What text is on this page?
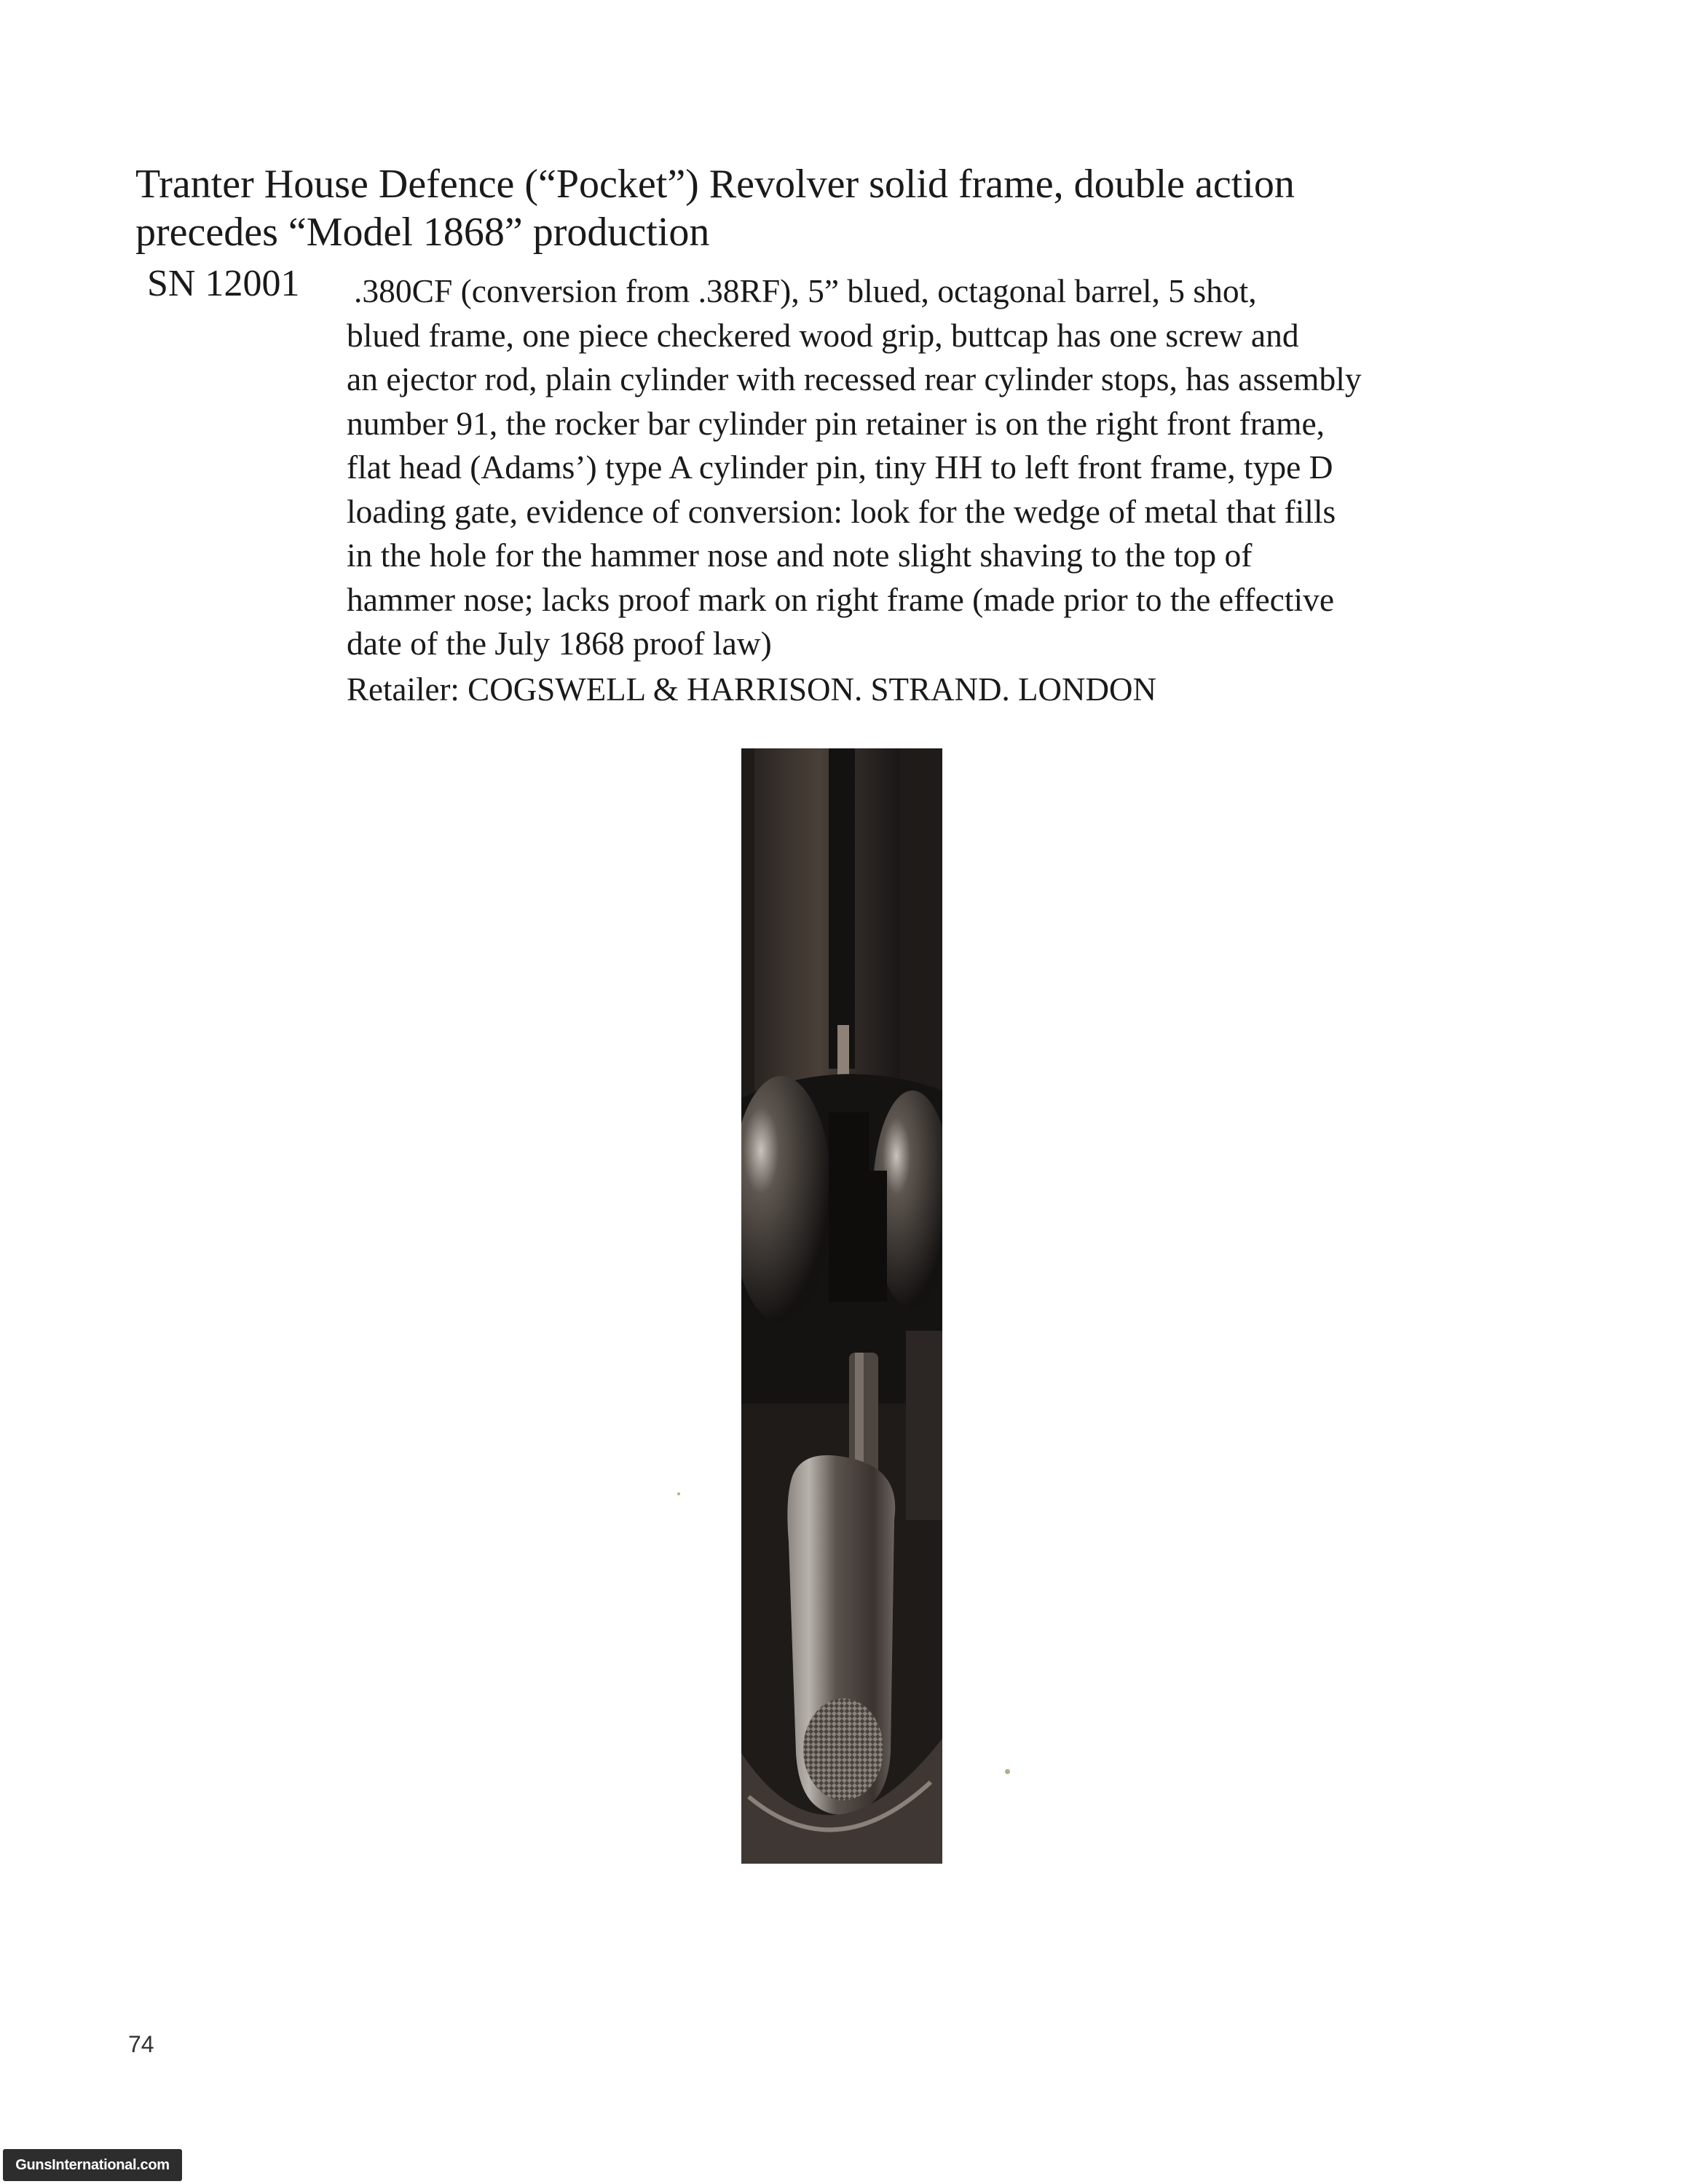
Tranter House Defence (“Pocket”) Revolver solid frame, double action
precedes “Model 1868” production
SN 12001 .380CF (conversion from .38RF), 5” blued, octagonal barrel, 5 shot,
blued frame, one piece checkered wood grip, buttcap has one screw and
an ejector rod, plain cylinder with recessed rear cylinder stops, has assembly
number 91, the rocker bar cylinder pin retainer is on the right front frame,
flat head (Adams’) type A cylinder pin, tiny HH to left front frame, type D
loading gate, evidence of conversion: look for the wedge of metal that fills
in the hole for the hammer nose and note slight shaving to the top of
hammer nose; lacks proof mark on right frame (made prior to the effective
date of the July 1868 proof law)
Retailer: COGSWELL & HARRISON. STRAND. LONDON
74
GunsInternational.com
